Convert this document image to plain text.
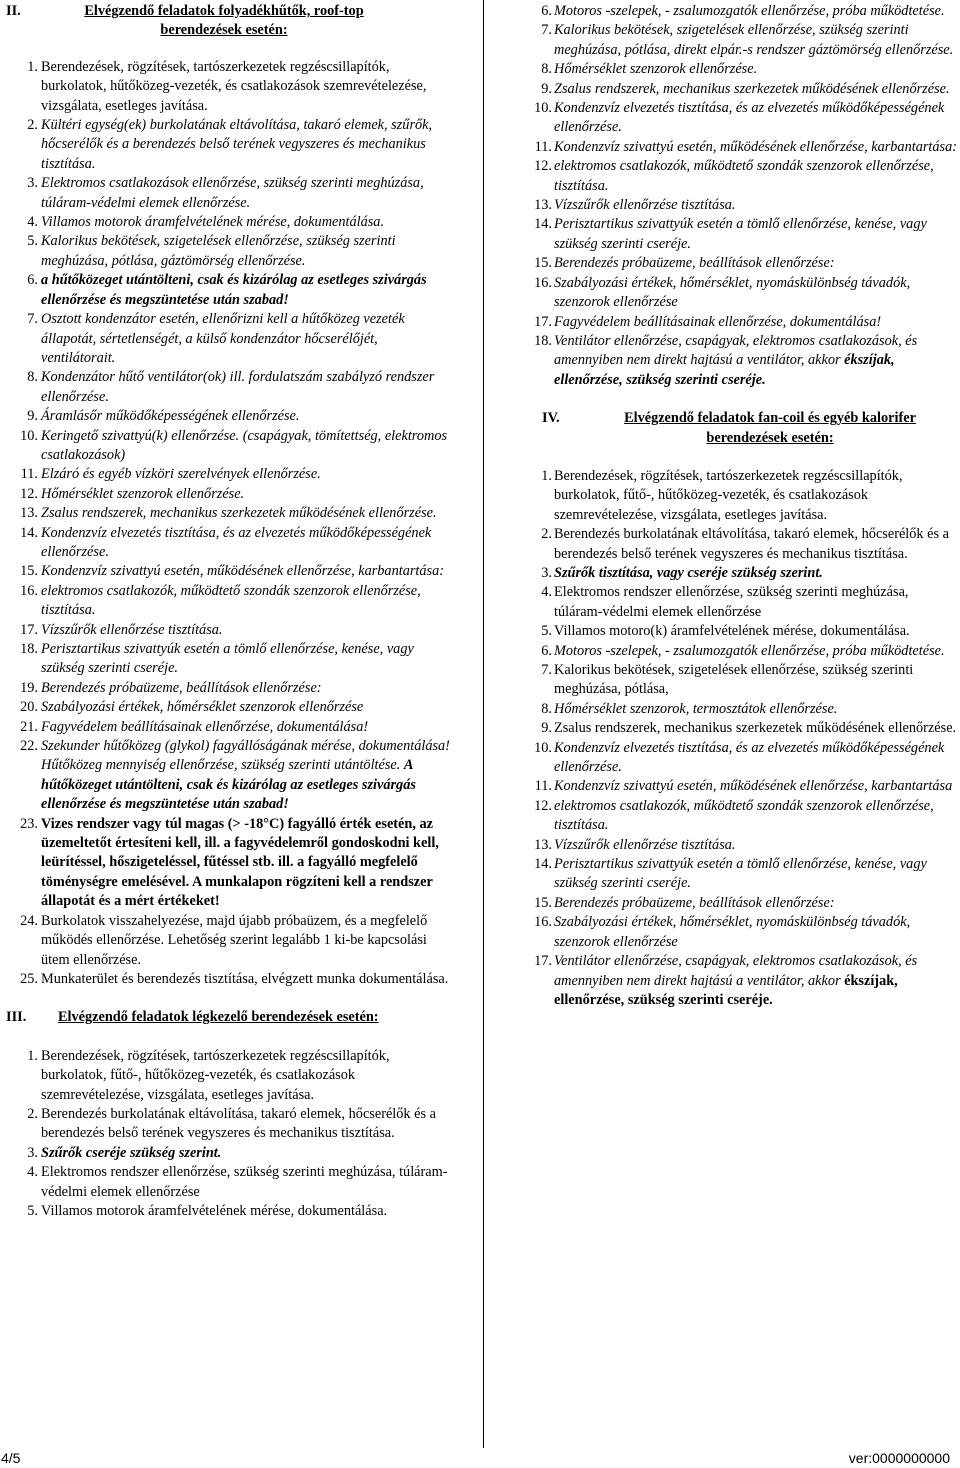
II.	Elvégzendő feladatok folyadékhűtők, roof-top berendezések esetén:
1. Berendezések, rögzítések, tartószerkezetek regzéscsillapítók, burkolatok, hűtőközeg-vezeték, és csatlakozások szemrevételezése, vizsgálata, esetleges javítása.
2. Kültéri egység(ek) burkolatának eltávolítása, takaró elemek, szűrők, hőcserélők és a berendezés belső terének vegyszeres és mechanikus tisztítása.
3. Elektromos csatlakozások ellenőrzése, szükség szerinti meghúzása, túláram-védelmi elemek ellenőrzése.
4. Villamos motorok áramfelvételének mérése, dokumentálása.
5. Kalorikus bekötések, szigetelések ellenőrzése, szükség szerinti meghúzása, pótlása, gáztömörség ellenőrzése.
6. a hűtőközeget utántölteni, csak és kizárólag az esetleges szivárgás ellenőrzése és megszüntetése után szabad!
7. Osztott kondenzátor esetén, ellenőrizni kell a hűtőközeg vezeték állapotát, sértetlenségét, a külső kondenzátor hőcserélőjét, ventilátorait.
8. Kondenzátor hűtő ventilátor(ok) ill. fordulatszám szabályzó rendszer ellenőrzése.
9. Áramlásőr működőképességének ellenőrzése.
10. Keringető szivattyú(k) ellenőrzése. (csapágyak, tömítettség, elektromos csatlakozások)
11. Elzáró és egyéb vízköri szerelvények ellenőrzése.
12. Hőmérséklet szenzorok ellenőrzése.
13. Zsalus rendszerek, mechanikus szerkezetek működésének ellenőrzése.
14. Kondenzvíz elvezetés tisztítása, és az elvezetés működőképességének ellenőrzése.
15. Kondenzvíz szivattyú esetén, működésének ellenőrzése, karbantartása:
16. elektromos csatlakozók, működtető szondák szenzorok ellenőrzése, tisztítása.
17. Vízszűrők ellenőrzése tisztítása.
18. Perisztartikus szivattyúk esetén a tömlő ellenőrzése, kenése, vagy szükség szerinti cseréje.
19. Berendezés próbaüzeme, beállítások ellenőrzése:
20. Szabályozási értékek, hőmérséklet szenzorok ellenőrzése
21. Fagyvédelem beállításainak ellenőrzése, dokumentálása!
22. Szekunder hűtőközeg (glykol) fagyállóságának mérése, dokumentálása! Hűtőközeg mennyiség ellenőrzése, szükség szerinti utántöltése. A hűtőközeget utántölteni, csak és kizárólag az esetleges szivárgás ellenőrzése és megszüntetése után szabad!
23. Vizes rendszer vagy túl magas (> -18°C) fagyálló érték esetén, az üzemeltetőt értesíteni kell, ill. a fagyvédelemről gondoskodni kell, leürítéssel, hőszigeteléssel, fűtéssel stb. ill. a fagyálló megfelelő töménységre emelésével. A munkalapon rögzíteni kell a rendszer állapotát és a mért értékeket!
24. Burkolatok visszahelyezése, majd újabb próbaüzem, és a megfelelő működés ellenőrzése. Lehetőség szerint legalább 1 ki-be kapcsolási ütem ellenőrzése.
25. Munkaterület és berendezés tisztítása, elvégzett munka dokumentálása.
III.	Elvégzendő feladatok légkezelő berendezések esetén:
1. Berendezések, rögzítések, tartószerkezetek regzéscsillapítók, burkolatok, fűtő-, hűtőközeg-vezeték, és csatlakozások szemrevételezése, vizsgálata, esetleges javítása.
2. Berendezés burkolatának eltávolítása, takaró elemek, hőcserélők és a berendezés belső terének vegyszeres és mechanikus tisztítása.
3. Szűrők cseréje szükség szerint.
4. Elektromos rendszer ellenőrzése, szükség szerinti meghúzása, túláram-védelmi elemek ellenőrzése
5. Villamos motorok áramfelvételének mérése, dokumentálása.
6. Motoros -szelepek, - zsalumozgatók ellenőrzése, próba működtetése.
7. Kalorikus bekötések, szigetelések ellenőrzése, szükség szerinti meghúzása, pótlása, direkt elpár.-s rendszer gáztömörség ellenőrzése.
8. Hőmérséklet szenzorok ellenőrzése.
9. Zsalus rendszerek, mechanikus szerkezetek működésének ellenőrzése.
10. Kondenzvíz elvezetés tisztítása, és az elvezetés működőképességének ellenőrzése.
11. Kondenzvíz szivattyú esetén, működésének ellenőrzése, karbantartása:
12. elektromos csatlakozók, működtető szondák szenzorok ellenőrzése, tisztítása.
13. Vízszűrők ellenőrzése tisztítása.
14. Perisztartikus szivattyúk esetén a tömlő ellenőrzése, kenése, vagy szükség szerinti cseréje.
15. Berendezés próbaüzeme, beállítások ellenőrzése:
16. Szabályozási értékek, hőmérséklet, nyomáskülönbség távadók, szenzorok ellenőrzése
17. Fagyvédelem beállításainak ellenőrzése, dokumentálása!
18. Ventilátor ellenőrzése, csapágyak, elektromos csatlakozások, és amennyiben nem direkt hajtású a ventilátor, akkor ékszíjak, ellenőrzése, szükség szerinti cseréje.
IV.	Elvégzendő feladatok fan-coil és egyéb kalorifer berendezések esetén:
1. Berendezések, rögzítések, tartószerkezetek regzéscsillapítók, burkolatok, fűtő-, hűtőközeg-vezeték, és csatlakozások szemrevételezése, vizsgálata, esetleges javítása.
2. Berendezés burkolatának eltávolítása, takaró elemek, hőcserélők és a berendezés belső terének vegyszeres és mechanikus tisztítása.
3. Szűrők tisztítása, vagy cseréje szükség szerint.
4. Elektromos rendszer ellenőrzése, szükség szerinti meghúzása, túláram-védelmi elemek ellenőrzése
5. Villamos motoro(k) áramfelvételének mérése, dokumentálása.
6. Motoros -szelepek, - zsalumozgatók ellenőrzése, próba működtetése.
7. Kalorikus bekötések, szigetelések ellenőrzése, szükség szerinti meghúzása, pótlása,
8. Hőmérséklet szenzorok, termosztátok ellenőrzése.
9. Zsalus rendszerek, mechanikus szerkezetek működésének ellenőrzése.
10. Kondenzvíz elvezetés tisztítása, és az elvezetés működőképességének ellenőrzése.
11. Kondenzvíz szivattyú esetén, működésének ellenőrzése, karbantartása
12. elektromos csatlakozók, működtető szondák szenzorok ellenőrzése, tisztítása.
13. Vízszűrők ellenőrzése tisztítása.
14. Perisztartikus szivattyúk esetén a tömlő ellenőrzése, kenése, vagy szükség szerinti cseréje.
15. Berendezés próbaüzeme, beállítások ellenőrzése:
16. Szabályozási értékek, hőmérséklet, nyomáskülönbség távadók, szenzorok ellenőrzése
17. Ventilátor ellenőrzése, csapágyak, elektromos csatlakozások, és amennyiben nem direkt hajtású a ventilátor, akkor ékszíjak, ellenőrzése, szükség szerinti cseréje.
4/5	ver:0000000000
